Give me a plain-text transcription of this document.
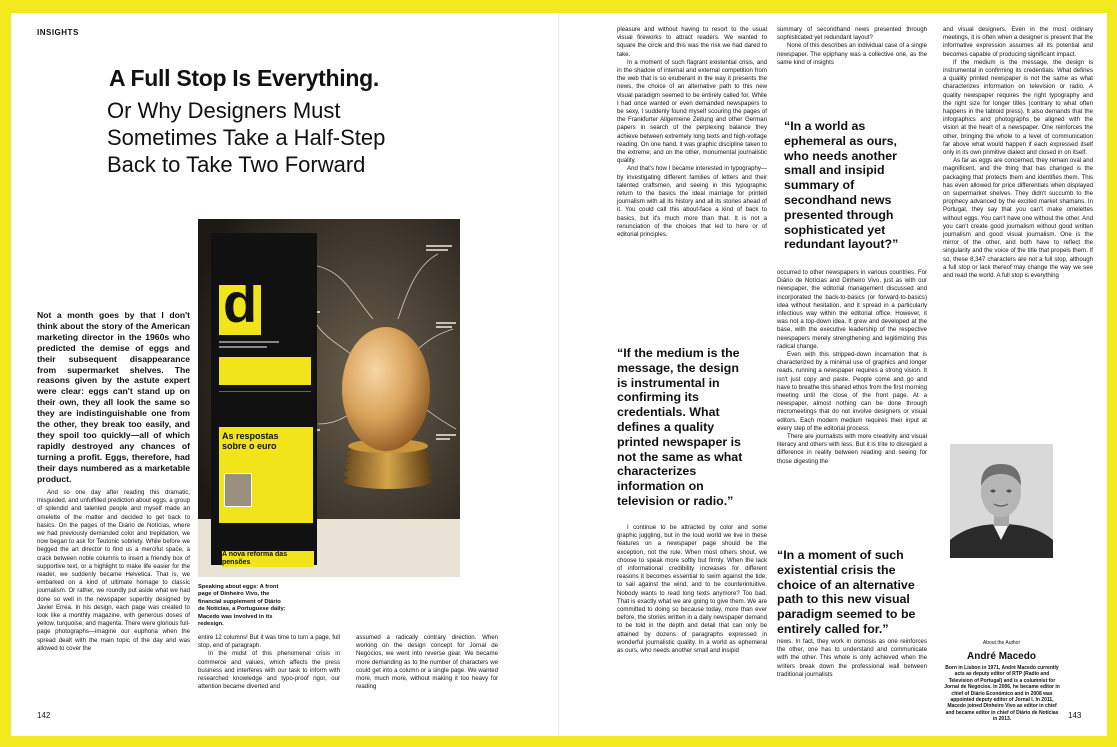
INSIGHTS
A Full Stop Is Everything.
Or Why Designers Must Sometimes Take a Half-Step Back to Take Two Forward
d
As respostas sobre o euro
A nova reforma das pensões

Not a month goes by that I don't think about the story of the American marketing director in the 1960s who predicted the demise of eggs and their subsequent disappearance from supermarket shelves. The reasons given by the astute expert were clear: eggs can't stand up on their own, they all look the same so they are indistinguishable one from the other, they break too easily, and they spoil too quickly—all of which rapidly destroyed any chances of turning a profit. Eggs, therefore, had their days numbered as a marketable product.

And so one day after reading this dramatic, misguided, and unfulfilled prediction about eggs, a group of splendid and talented people and myself made an omelette of the matter and decided to get back to basics. On the pages of the Diário de Notícias, where we had previously demanded color and trepidation, we now began to ask for Teutonic sobriety. While before we begged the art director to find us a merciful space, a crack between noble columns to insert a friendly box of supportive text, or a highlight to make life easier for the reader, we suddenly became Helvetica. That is, we embarked on a kind of ultimate homage to classic journalism. Or rather, we roundly put aside what we had done so well in the newspaper superbly designed by Javier Errea. In his design, each page was created to look like a monthly magazine, with generous doses of yellow, turquoise, and magenta. There were glorious full-page photographs—imagine our euphoria when the spread dealt with the main topic of the day and was allowed to cover the

Speaking about eggs: A front page of Dinheiro Vivo, the financial supplement of Diário de Notícias, a Portuguese daily; Macedo was involved in its redesign.

entire 12 columns! But it was time to turn a page, full stop, end of paragraph.

In the midst of this phenomenal crisis in commerce and values, which affects the press business and interferes with our task to inform with researched knowledge and typo-proof rigor, our attention became diverted and

assumed a radically contrary direction. When working on the design concept for Jornal de Negócios, we went into reverse gear. We became more demanding as to the number of characters we could get into a column or a single page. We wanted more, much more, without making it too heavy for reading

142

pleasure and without having to resort to the usual visual fireworks to attract readers. We wanted to square the circle and this was the risk we had dared to take.

In a moment of such flagrant existential crisis, and in the shadow of internal and external competition from the web that is so exuberant in the way it presents the news, the choice of an alternative path to this new visual paradigm seemed to be entirely called for. While I had once wanted or even demanded newspapers to be sexy, I suddenly found myself scouring the pages of the Frankfurter Allgemeine Zeitung and other German papers in search of the perplexing balance they achieve between extremely long texts and high-voltage reading. On one hand, it was graphic discipline taken to the extreme, and on the other, monumental journalistic quality.

And that's how I became interested in typography—by investigating different families of letters and their talented craftsmen, and seeing in this typographic return to the basics the ideal marriage for printed journalism with all its history and all its stories ahead of it. You could call this about-face a kind of back to basics, but it's much more than that. It is not a renunciation of the choices that led to here or of editorial principles.

“If the medium is the message, the design is instrumental in confirming its credentials. What defines a quality printed newspaper is not the same as what characterizes information on television or radio.”

I continue to be attracted by color and some graphic juggling, but in the loud world we live in these features on a newspaper page should be the exception, not the rule. When most others shout, we choose to speak more softly but firmly. When the lack of informational credibility increases for different reasons it becomes essential to swim against the tide, to sail against the wind, and to be counterintuitive. Nobody wants to read long texts anymore? Too bad. That is exactly what we are going to give them. We are committed to doing so because today, more than ever before, the stories written in a daily newspaper demand to be told in the depth and detail that can only be attained by dozens of paragraphs expressed in wonderful journalistic quality. In a world as ephemeral as ours, who needs another small and insipid

summary of secondhand news presented through sophisticated yet redundant layout?

None of this describes an individual case of a single newspaper. The epiphany was a collective one, as the same kind of insights

“In a world as ephemeral as ours, who needs another small and insipid summary of secondhand news presented through sophisticated yet redundant layout?”

occurred to other newspapers in various countries. For Diário de Notícias and Dinheiro Vivo, just as with our newspaper, the editorial management discussed and incorporated the back-to-basics (or forward-to-basics) idea without hesitation, and it spread in a particularly infectious way within the editorial office. However, it was not a top-down idea. It grew and developed at the base, with the executive leadership of the respective newspapers merely strengthening and legitimizing this radical change.

Even with this stripped-down incarnation that is characterized by a minimal use of graphics and longer reads, running a newspaper requires a strong vision. It isn't just copy and paste. People come and go and have to breathe this shared ethos from the first morning meeting until the close of the front page. At a newspaper, almost nothing can be done through micromeetings that do not involve designers or visual editors. Each modern medium requires their input at every step of the editorial process.

There are journalists with more creativity and visual literacy and others with less. But it is trite to disregard a difference in reality between reading and seeing for those digesting the

“In a moment of such existential crisis the choice of an alternative path to this new visual paradigm seemed to be entirely called for.”

news. In fact, they work in osmosis as one reinforces the other, one has to understand and communicate with the other. This whole is only achieved when the writers break down the professional wall between traditional journalists

and visual designers. Even in the most ordinary meetings, it is often when a designer is present that the informative expression assumes all its potential and becomes capable of producing significant impact.

If the medium is the message, the design is instrumental in confirming its credentials. What defines a quality printed newspaper is not the same as what characterizes information on television or radio. A quality newspaper requires the right typography and the right size for longer titles (contrary to what often happens in the tabloid press). It also demands that the infographics and photographs be aligned with the vision at the heart of a newspaper. One reinforces the other, bringing the whole to a level of communication far above what would happen if each expressed itself only in its own primitive dialect and closed in on itself.

As far as eggs are concerned, they remain oval and magnificent, and the thing that has changed is the packaging that protects them and identifies them. This has even allowed for price differentials when displayed on supermarket shelves. They didn't succumb to the prophecy advanced by the excited market shamans. In Portugal, they say that you can't make omelettes without eggs. You can't have one without the other. And you can't create good journalism without good written journalism and good visual journalism. One is the mirror of the other, and both have to reflect the singularity and the voice of the title that propels them. If so, these 8,347 characters are not a full stop, although a full stop or lack thereof may change the way we see and read the world. A full stop is everything

About the Author
André Macedo

Born in Lisbon in 1971, André Macedo currently acts as deputy editor of RTP (Radio and Television of Portugal) and is a columnist for Jornal de Negócios. In 2006, he became editor in chief of Diário Económico and in 2008 was appointed deputy editor of Jornal I. In 2011, Macedo joined Dinheiro Vivo as editor in chief and became editor in chief of Diário de Notícias in 2013.	143
